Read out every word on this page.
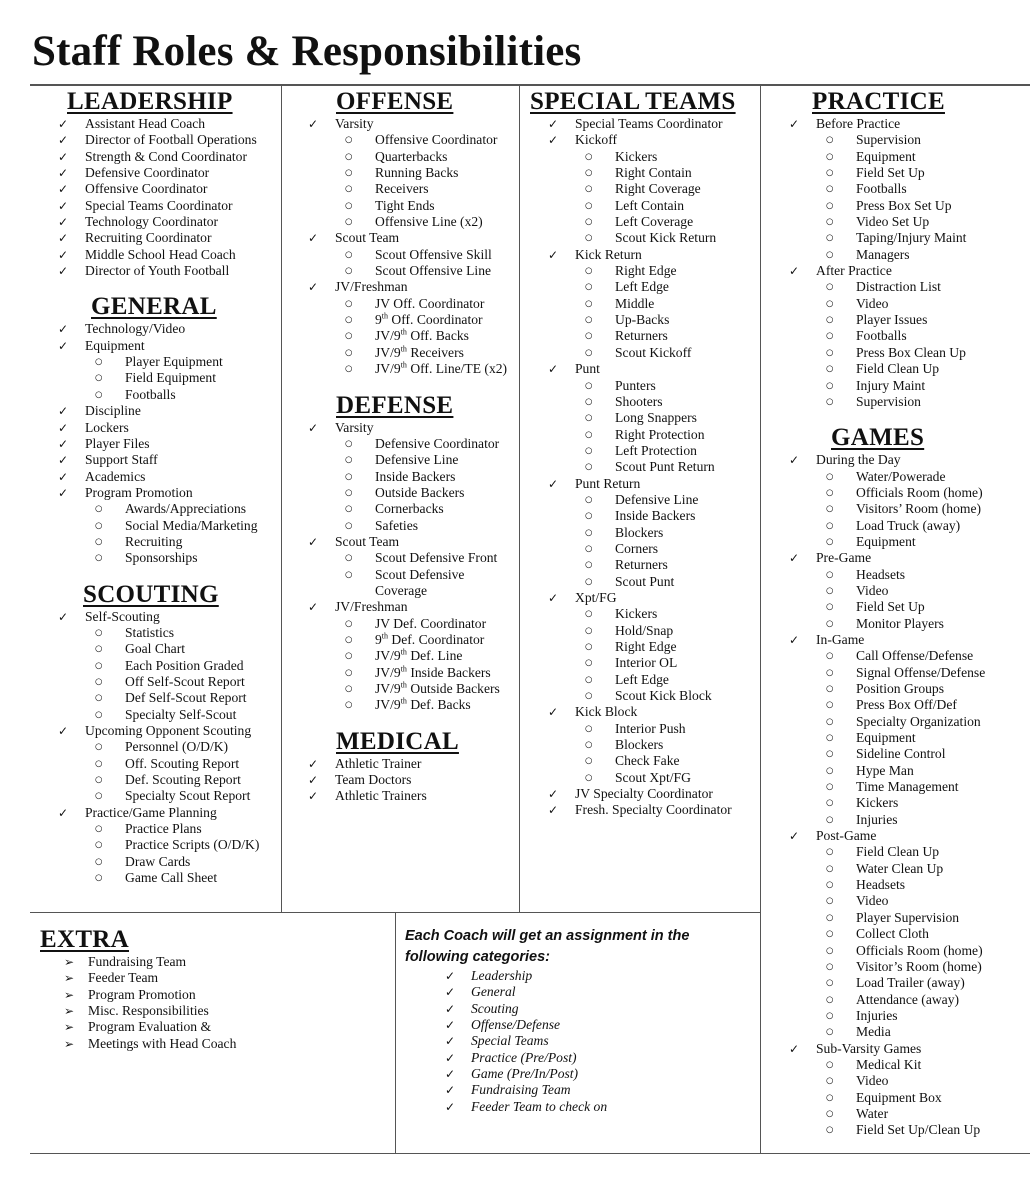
Staff Roles & Responsibilities
LEADERSHIP
✓ Assistant Head Coach
✓ Director of Football Operations
✓ Strength & Cond Coordinator
✓ Defensive Coordinator
✓ Offensive Coordinator
✓ Special Teams Coordinator
✓ Technology Coordinator
✓ Recruiting Coordinator
✓ Middle School Head Coach
✓ Director of Youth Football
GENERAL
✓ Technology/Video
✓ Equipment
○ Player Equipment
○ Field Equipment
○ Footballs
✓ Discipline
✓ Lockers
✓ Player Files
✓ Support Staff
✓ Academics
✓ Program Promotion
○ Awards/Appreciations
○ Social Media/Marketing
○ Recruiting
○ Sponsorships
SCOUTING
✓ Self-Scouting
○ Statistics
○ Goal Chart
○ Each Position Graded
○ Off Self-Scout Report
○ Def Self-Scout Report
○ Specialty Self-Scout
✓ Upcoming Opponent Scouting
○ Personnel (O/D/K)
○ Off. Scouting Report
○ Def. Scouting Report
○ Specialty Scout Report
✓ Practice/Game Planning
○ Practice Plans
○ Practice Scripts (O/D/K)
○ Draw Cards
○ Game Call Sheet
OFFENSE
✓ Varsity
○ Offensive Coordinator
○ Quarterbacks
○ Running Backs
○ Receivers
○ Tight Ends
○ Offensive Line (x2)
✓ Scout Team
○ Scout Offensive Skill
○ Scout Offensive Line
✓ JV/Freshman
○ JV Off. Coordinator
○ 9th Off. Coordinator
○ JV/9th Off. Backs
○ JV/9th Receivers
○ JV/9th Off. Line/TE (x2)
DEFENSE
✓ Varsity
○ Defensive Coordinator
○ Defensive Line
○ Inside Backers
○ Outside Backers
○ Cornerbacks
○ Safeties
✓ Scout Team
○ Scout Defensive Front
○ Scout Defensive
Coverage
✓ JV/Freshman
○ JV Def. Coordinator
○ 9th Def. Coordinator
○ JV/9th Def. Line
○ JV/9th Inside Backers
○ JV/9th Outside Backers
○ JV/9th Def. Backs
MEDICAL
✓ Athletic Trainer
✓ Team Doctors
✓ Athletic Trainers
SPECIAL TEAMS
✓ Special Teams Coordinator
✓ Kickoff
○ Kickers
○ Right Contain
○ Right Coverage
○ Left Contain
○ Left Coverage
○ Scout Kick Return
✓ Kick Return
○ Right Edge
○ Left Edge
○ Middle
○ Up-Backs
○ Returners
○ Scout Kickoff
✓ Punt
○ Punters
○ Shooters
○ Long Snappers
○ Right Protection
○ Left Protection
○ Scout Punt Return
✓ Punt Return
○ Defensive Line
○ Inside Backers
○ Blockers
○ Corners
○ Returners
○ Scout Punt
✓ Xpt/FG
○ Kickers
○ Hold/Snap
○ Right Edge
○ Interior OL
○ Left Edge
○ Scout Kick Block
✓ Kick Block
○ Interior Push
○ Blockers
○ Check Fake
○ Scout Xpt/FG
✓ JV Specialty Coordinator
✓ Fresh. Specialty Coordinator
PRACTICE
✓ Before Practice
○ Supervision
○ Equipment
○ Field Set Up
○ Footballs
○ Press Box Set Up
○ Video Set Up
○ Taping/Injury Maint
○ Managers
✓ After Practice
○ Distraction List
○ Video
○ Player Issues
○ Footballs
○ Press Box Clean Up
○ Field Clean Up
○ Injury Maint
○ Supervision
GAMES
✓ During the Day
○ Water/Powerade
○ Officials Room (home)
○ Visitors’ Room (home)
○ Load Truck (away)
○ Equipment
✓ Pre-Game
○ Headsets
○ Video
○ Field Set Up
○ Monitor Players
✓ In-Game
○ Call Offense/Defense
○ Signal Offense/Defense
○ Position Groups
○ Press Box Off/Def
○ Specialty Organization
○ Equipment
○ Sideline Control
○ Hype Man
○ Time Management
○ Kickers
○ Injuries
✓ Post-Game
○ Field Clean Up
○ Water Clean Up
○ Headsets
○ Video
○ Player Supervision
○ Collect Cloth
○ Officials Room (home)
○ Visitor’s Room (home)
○ Load Trailer (away)
○ Attendance (away)
○ Injuries
○ Media
✓ Sub-Varsity Games
○ Medical Kit
○ Video
○ Equipment Box
○ Water
○ Field Set Up/Clean Up
EXTRA
➢ Fundraising Team
➢ Feeder Team
➢ Program Promotion
➢ Misc. Responsibilities
➢ Program Evaluation &
➢ Meetings with Head Coach

Each Coach will get an assignment in the
following categories:

✓ Leadership
✓ General
✓ Scouting
✓ Offense/Defense
✓ Special Teams
✓ Practice (Pre/Post)
✓ Game (Pre/In/Post)
✓ Fundraising Team
✓ Feeder Team to check on
